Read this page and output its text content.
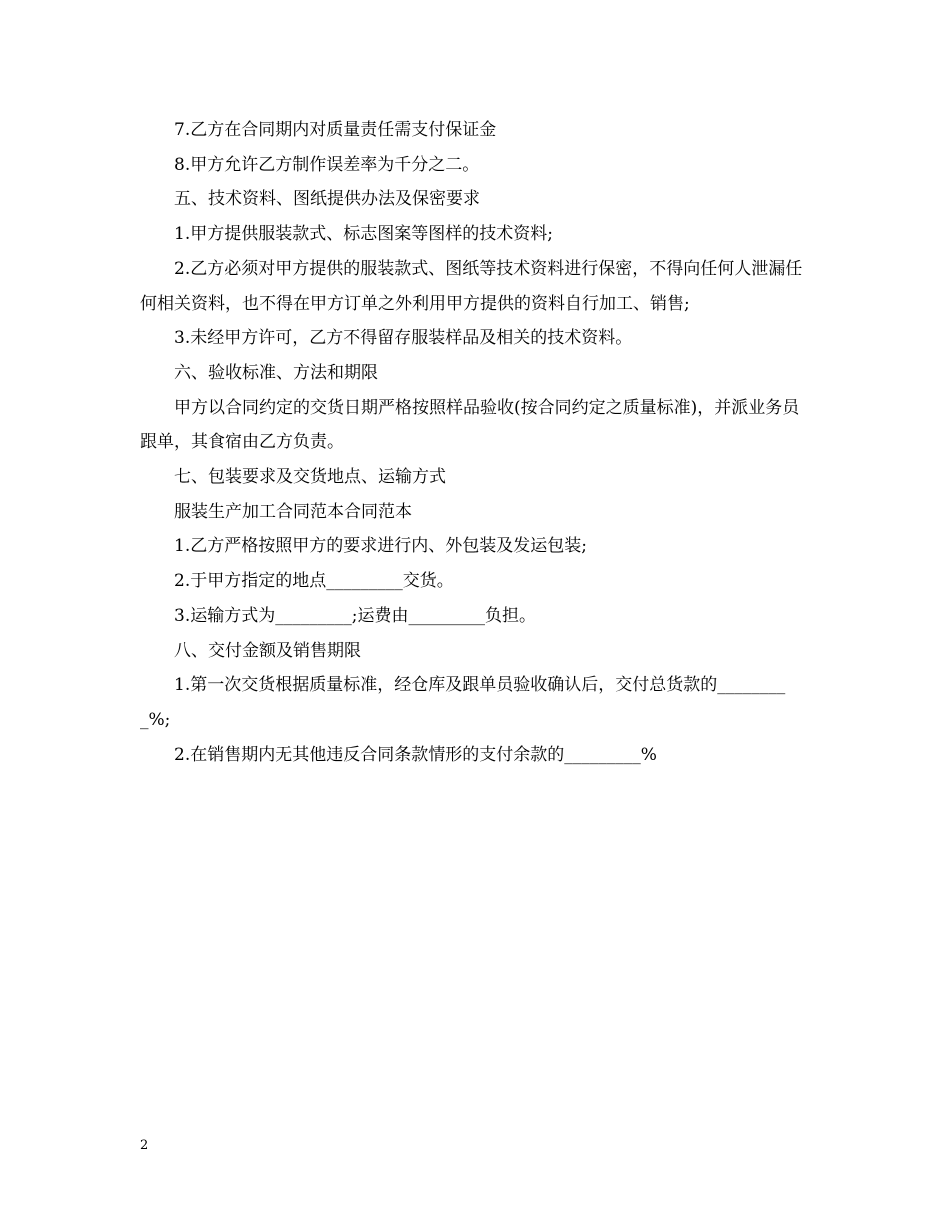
7.乙方在合同期内对质量责任需支付保证金

8.甲方允许乙方制作误差率为千分之二。

五、技术资料、图纸提供办法及保密要求

1.甲方提供服装款式、标志图案等图样的技术资料;

2.乙方必须对甲方提供的服装款式、图纸等技术资料进行保密，不得向任何人泄漏任何相关资料，也不得在甲方订单之外利用甲方提供的资料自行加工、销售;

3.未经甲方许可，乙方不得留存服装样品及相关的技术资料。

六、验收标准、方法和期限

甲方以合同约定的交货日期严格按照样品验收(按合同约定之质量标准)，并派业务员跟单，其食宿由乙方负责。

七、包装要求及交货地点、运输方式

服装生产加工合同范本合同范本

1.乙方严格按照甲方的要求进行内、外包装及发运包装;

2.于甲方指定的地点_________交货。

3.运输方式为_________;运费由_________负担。

八、交付金额及销售期限

1.第一次交货根据质量标准，经仓库及跟单员验收确认后，交付总货款的_________%;

2.在销售期内无其他违反合同条款情形的支付余款的_________%

2
